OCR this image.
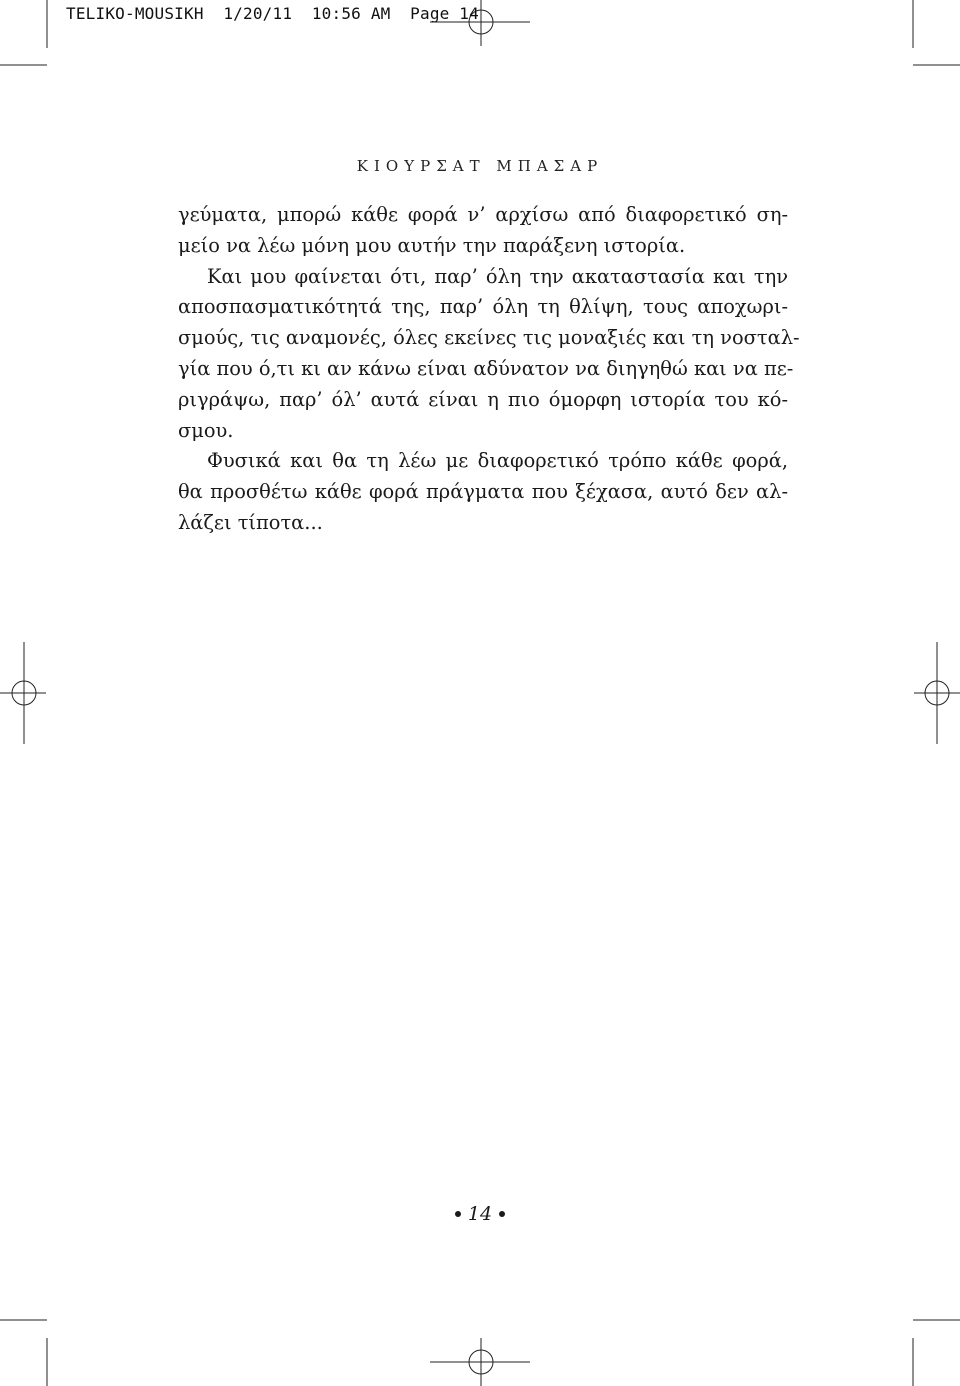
TELIKO-MOUSIKH  1/20/11  10:56 AM  Page 14
ΚΙΟΥΡΣΑΤ ΜΠΑΣΑΡ
γεύματα, μπορώ κάθε φορά ν’ αρχίσω από διαφορετικό ση-
μείο να λέω μόνη μου αυτήν την παράξενη ιστορία.
Και μου φαίνεται ότι, παρ’ όλη την ακαταστασία και την
αποσπασματικότητά της, παρ’ όλη τη θλίψη, τους αποχωρι-
σμούς, τις αναμονές, όλες εκείνες τις μοναξιές και τη νοσταλ-
γία που ό,τι κι αν κάνω είναι αδύνατον να διηγηθώ και να πε-
ριγράψω, παρ’ όλ’ αυτά είναι η πιο όμορφη ιστορία του κό-
σμου.
Φυσικά και θα τη λέω με διαφορετικό τρόπο κάθε φορά,
θα προσθέτω κάθε φορά πράγματα που ξέχασα, αυτό δεν αλ-
λάζει τίποτα...
14
